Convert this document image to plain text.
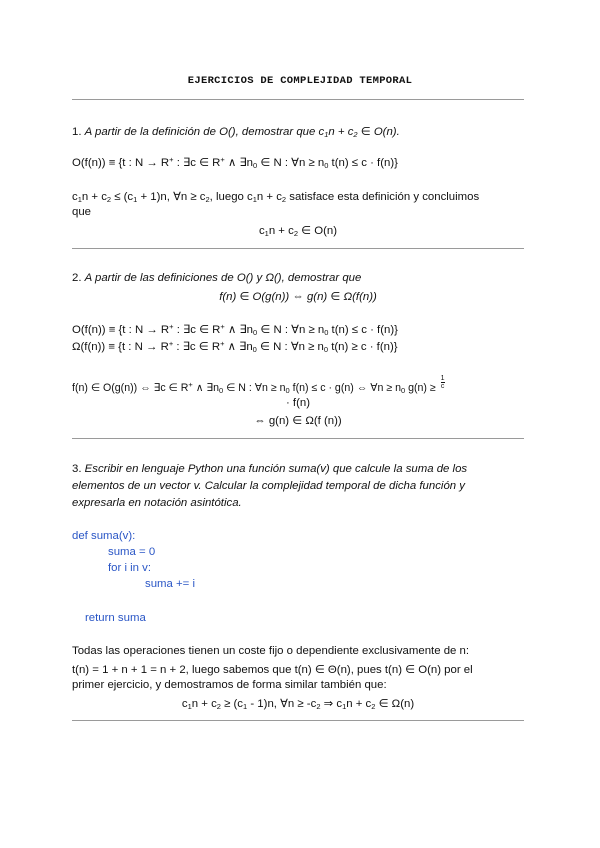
EJERCICIOS DE COMPLEJIDAD TEMPORAL
1. A partir de la definición de O(), demostrar que $c_1n + c_2$ ∈ O(n).
O(f(n)) ≡ {t : N → R+ : ∃c ∈ R+ ∧ $\exists n_0$ ∈ N : ∀n ≥ $n_0$ t(n) ≤ c · f(n)}
$c_1n + c_2 \le (c_1 + 1)n$, ∀n ≥ $c_2$, luego $c_1n + c_2$ satisface esta definición y concluimos
que
$c_1n + c_2$ ∈ O(n)
2. A partir de las definiciones de O() y Ω(), demostrar que
f(n) ∈ O(g(n)) ⇔ g(n) ∈ Ω(f(n))
O(f(n)) ≡ {t : N → R+ : ∃c ∈ R+ ∧ $\exists n_0$ ∈ N : ∀n ≥ $n_0$ t(n) ≤ c · f(n)}
Ω(f(n)) ≡ {t : N → R+ : ∃c ∈ R+ ∧ $\exists n_0$ ∈ N : ∀n ≥ $n_0$ t(n) ≥ c · f(n)}
f(n) ∈ O(g(n)) ⇔ ∃c ∈ R+ ∧ $\exists n_0$ ∈ N : ∀n ≥ $n_0$ f(n) ≤ c · g(n) ⇔ ∀n ≥ $n_0$ $g(n) \ge \frac{1}{c}$
· f(n)
⇔ g(n) ∈ Ω(f (n))
3. Escribir en lenguaje Python una función suma(v) que calcule la suma de los
elementos de un vector v. Calcular la complejidad temporal de dicha función y
expresarla en notación asintótica.
def suma(v):
suma = 0
for i in v:
suma += i
return suma
Todas las operaciones tienen un coste fijo o dependiente exclusivamente de n:
t(n) = 1 + n + 1 = n + 2, luego sabemos que t(n) ∈ Θ(n), pues t(n) ∈ O(n) por el
primer ejercicio, y demostramos de forma similar también que:
$c_1n + c_2 \ge (c_1 - 1)n$, ∀n ≥ $-c_2$ ⇒ $c_1n + c_2$ ∈ Ω(n)
